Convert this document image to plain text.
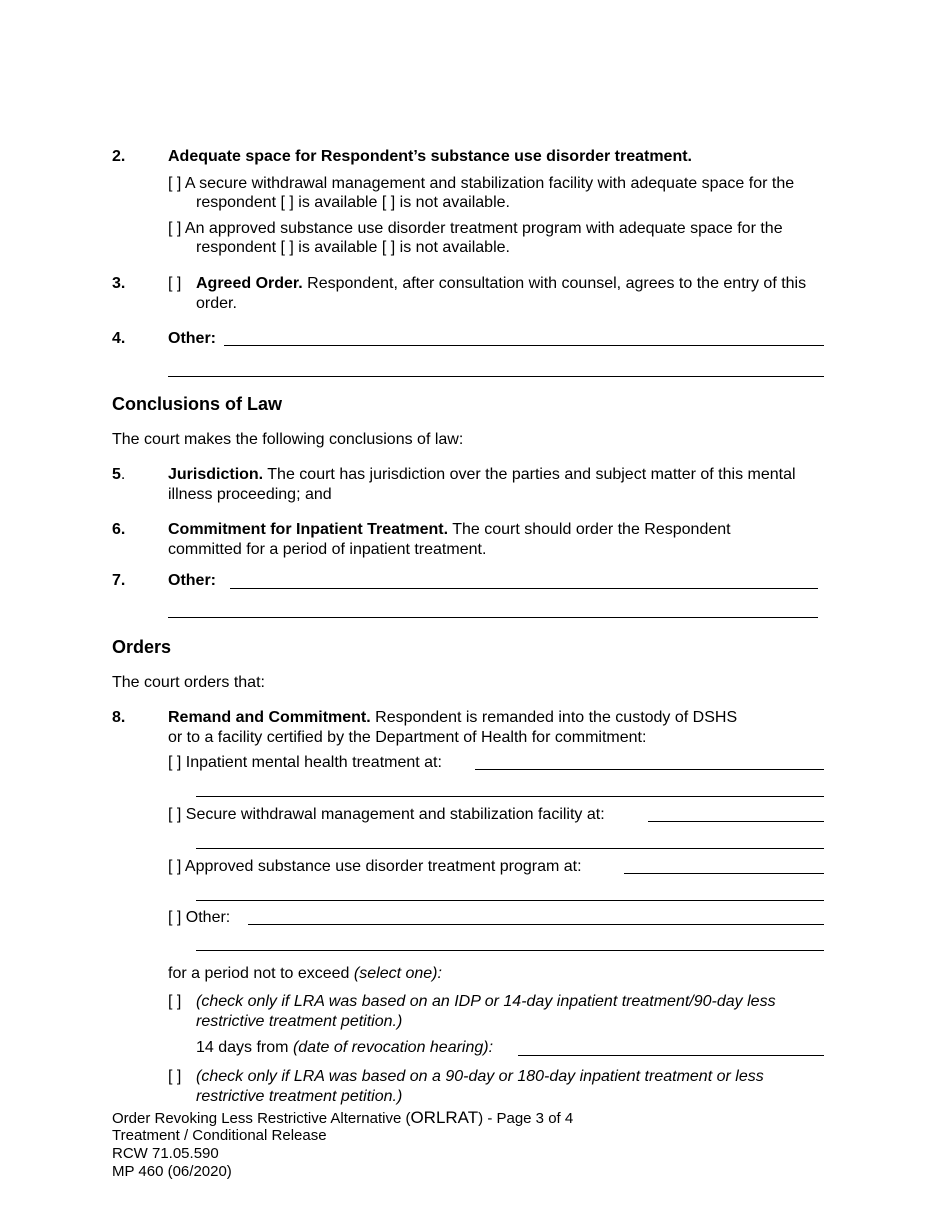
2.	Adequate space for Respondent’s substance use disorder treatment.
[ ] A secure withdrawal management and stabilization facility with adequate space for the
respondent [ ] is available [ ] is not available.
[ ] An approved substance use disorder treatment program with adequate space for the
respondent [ ] is available [ ] is not available.
3.	[ ] Agreed Order. Respondent, after consultation with counsel, agrees to the entry of this
order.
4.	Other:
Conclusions of Law
The court makes the following conclusions of law:
5.	Jurisdiction. The court has jurisdiction over the parties and subject matter of this mental
illness proceeding; and
6.	Commitment for Inpatient Treatment. The court should order the Respondent
committed for a period of inpatient treatment.
7.	Other:
Orders
The court orders that:
8.	Remand and Commitment. Respondent is remanded into the custody of DSHS
or to a facility certified by the Department of Health for commitment:
[ ] Inpatient mental health treatment at:
[ ] Secure withdrawal management and stabilization facility at:
[ ] Approved substance use disorder treatment program at:
[ ] Other:
for a period not to exceed (select one):
[ ] (check only if LRA was based on an IDP or 14-day inpatient treatment/90-day less
restrictive treatment petition.)
14 days from (date of revocation hearing):
[ ] (check only if LRA was based on a 90-day or 180-day inpatient treatment or less
restrictive treatment petition.)
Order Revoking Less Restrictive Alternative (ORLRAT) - Page 3 of 4
Treatment / Conditional Release
RCW 71.05.590
MP 460 (06/2020)
